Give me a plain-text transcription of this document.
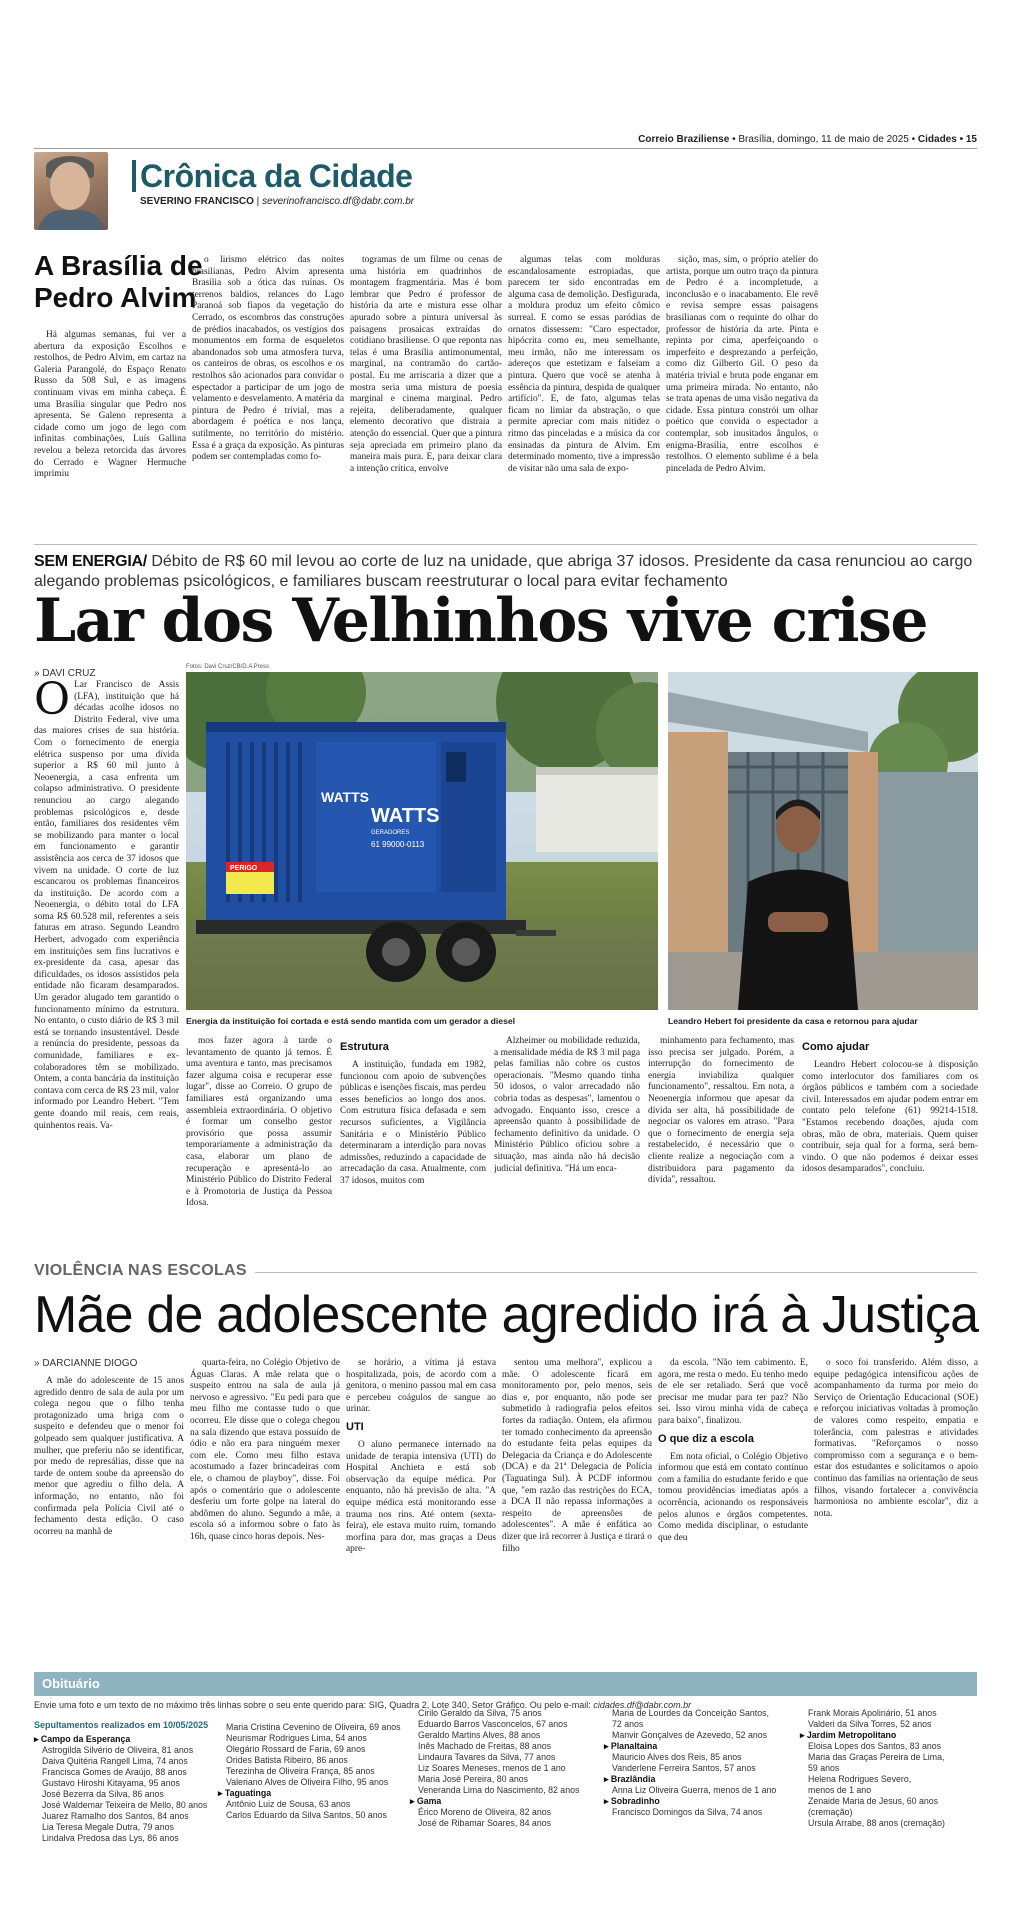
Correio Braziliense • Brasília, domingo, 11 de maio de 2025 • Cidades • 15
Crônica da Cidade
SEVERINO FRANCISCO | severinofrancisco.df@dabr.com.br
A Brasília de Pedro Alvim

Há algumas semanas, fui ver a abertura da exposição Escolhos e restolhos, de Pedro Alvim, em cartaz na Galeria Parangolé, do Espaço Renato Russo da 508 Sul, e as imagens continuam vivas em minha cabeça. É uma Brasília singular que Pedro nos apresenta. Se Galeno representa a cidade como um jogo de lego com infinitas combinações, Luís Gallina revelou a beleza retorcida das árvores do Cerrado e Wagner Hermuche imprimiu

o lirismo elétrico das noites brasilianas, Pedro Alvim apresenta Brasília sob a ótica das ruínas. Os terrenos baldios, relances do Lago Paranoá sob fiapos da vegetação do Cerrado, os escombros das construções de prédios inacabados, os vestígios dos monumentos em forma de esqueletos abandonados sob uma atmosfera turva, os canteiros de obras, os escolhos e os restolhos são acionados para convidar o espectador a participar de um jogo de velamento e desvelamento. A matéria da pintura de Pedro é trivial, mas a abordagem é poética e nos lança, sutilmente, no território do mistério. Essa é a graça da exposição. As pinturas podem ser contempladas como fo-

togramas de um filme ou cenas de uma história em quadrinhos de montagem fragmentária. Mas é bom lembrar que Pedro é professor de história da arte e mistura esse olhar apurado sobre a pintura universal às paisagens prosaicas extraídas do cotidiano brasiliense. O que reponta nas telas é uma Brasília antimonumental, marginal, na contramão do cartão-postal. Eu me arriscaria a dizer que a mostra seria uma mistura de poesia marginal e cinema marginal. Pedro rejeita, deliberadamente, qualquer elemento decorativo que distraia a atenção do essencial. Quer que a pintura seja apreciada em primeiro plano da maneira mais pura. E, para deixar clara a intenção crítica, envolve

algumas telas com molduras escandalosamente estropiadas, que parecem ter sido encontradas em alguma casa de demolição. Desfigurada, a moldura produz um efeito cômico surreal. E como se essas paródias de ornatos dissessem: "Caro espectador, hipócrita como eu, meu semelhante, meu irmão, não me interessam os adereços que estetizam e falseiam a pintura. Quero que você se atenha à essência da pintura, despida de qualquer artifício". E, de fato, algumas telas ficam no limiar da abstração, o que permite apreciar com mais nitidez o ritmo das pinceladas e a música da cor ensinadas da pintura de Alvim. Em determinado momento, tive a impressão de visitar não uma sala de expo-

sição, mas, sim, o próprio atelier do artista, porque um outro traço da pintura de Pedro é a incompletude, a inconclusão e o inacabamento. Ele revê e revisa sempre essas paisagens brasilianas com o requinte do olhar do professor de história da arte. Pinta e repinta por cima, aperfeiçoando o imperfeito e desprezando a perfeição, como diz Gilberto Gil. O peso da matéria trivial e bruta pode enganar em uma primeira mirada. No entanto, não se trata apenas de uma visão negativa da cidade. Essa pintura constrói um olhar poético que convida o espectador a contemplar, sob inusitados ângulos, o enigma-Brasília, entre escolhos e restolhos. O elemento sublime é a bela pincelada de Pedro Alvim.

SEM ENERGIA/ Débito de R$ 60 mil levou ao corte de luz na unidade, que abriga 37 idosos. Presidente da casa renunciou ao cargo alegando problemas psicológicos, e familiares buscam reestruturar o local para evitar fechamento
Lar dos Velhinhos vive crise
» DAVI CRUZ
Fotos: Davi Cruz/CB/D.A Press
WATTS
WATTS
GERADORES
61 99000-0113
PERIGO
Energia da instituição foi cortada e está sendo mantida com um gerador a diesel	Leandro Hebert foi presidente da casa e retornou para ajudar
O Lar Francisco de Assis (LFA), instituição que há décadas acolhe idosos no Distrito Federal, vive uma das maiores crises de sua história. Com o fornecimento de energia elétrica suspenso por uma dívida superior a R$ 60 mil junto à Neoenergia, a casa enfrenta um colapso administrativo. O presidente renunciou ao cargo alegando problemas psicológicos e, desde então, familiares dos residentes vêm se mobilizando para manter o local em funcionamento e garantir assistência aos cerca de 37 idosos que vivem na unidade. O corte de luz escancarou os problemas financeiros da instituição. De acordo com a Neoenergia, o débito total do LFA soma R$ 60.528 mil, referentes a seis faturas em atraso. Segundo Leandro Herbert, advogado com experiência em instituições sem fins lucrativos e ex-presidente da casa, apesar das dificuldades, os idosos assistidos pela entidade não ficaram desamparados. Um gerador alugado tem garantido o funcionamento mínimo da estrutura. No entanto, o custo diário de R$ 3 mil está se tornando insustentável. Desde a renúncia do presidente, pessoas da comunidade, familiares e ex-colaboradores têm se mobilizado. Ontem, a conta bancária da instituição contava com cerca de R$ 23 mil, valor informado por Leandro Hebert. "Tem gente doando mil reais, cem reais, quinhentos reais. Va-

mos fazer agora à tarde o levantamento de quanto já temos. É uma aventura e tanto, mas precisamos fazer alguma coisa e recuperar esse lugar", disse ao Correio. O grupo de familiares está organizando uma assembleia extraordinária. O objetivo é formar um conselho gestor provisório que possa assumir temporariamente a administração da casa, elaborar um plano de recuperação e apresentá-lo ao Ministério Público do Distrito Federal e à Promotoria de Justiça da Pessoa Idosa.

Estrutura

A instituição, fundada em 1982, funcionou com apoio de subvenções públicas e isenções fiscais, mas perdeu esses benefícios ao longo dos anos. Com estrutura física defasada e sem recursos suficientes, a Vigilância Sanitária e o Ministério Público determinaram a interdição para novas admissões, reduzindo a capacidade de arrecadação da casa. Atualmente, com 37 idosos, muitos com

Alzheimer ou mobilidade reduzida, a mensalidade média de R$ 3 mil paga pelas famílias não cobre os custos operacionais. "Mesmo quando tinha 50 idosos, o valor arrecadado não cobria todas as despesas", lamentou o advogado. Enquanto isso, cresce a apreensão quanto à possibilidade de fechamento definitivo da unidade. O Ministério Público oficiou sobre a situação, mas ainda não há decisão judicial definitiva. "Há um enca-

minhamento para fechamento, mas isso precisa ser julgado. Porém, a interrupção do fornecimento de energia inviabiliza qualquer funcionamento", ressaltou. Em nota, a Neoenergia informou que apesar da dívida ser alta, há possibilidade de negociar os valores em atraso. "Para que o fornecimento de energia seja restabelecido, é necessário que o cliente realize a negociação com a distribuidora para pagamento da dívida", ressaltou.

Como ajudar

Leandro Hebert colocou-se à disposição como interlocutor dos familiares com os órgãos públicos e também com a sociedade civil. Interessados em ajudar podem entrar em contato pelo telefone (61) 99214-1518. "Estamos recebendo doações, ajuda com obras, mão de obra, materiais. Quem quiser contribuir, seja qual for a forma, será bem-vindo. O que não podemos é deixar esses idosos desamparados", concluiu.

VIOLÊNCIA NAS ESCOLAS
Mãe de adolescente agredido irá à Justiça
» DARCIANNE DIOGO

A mãe do adolescente de 15 anos agredido dentro de sala de aula por um colega negou que o filho tenha protagonizado uma briga com o suspeito e defendeu que o menor foi golpeado sem qualquer justificativa. A mulher, que preferiu não se identificar, por medo de represálias, disse que na tarde de ontem soube da apreensão do menor que agrediu o filho dela. A informação, no entanto, não foi confirmada pela Polícia Civil até o fechamento desta edição. O caso ocorreu na manhã de

quarta-feira, no Colégio Objetivo de Águas Claras. A mãe relata que o suspeito entrou na sala de aula já nervoso e agressivo. "Eu pedi para que meu filho me contasse tudo o que ocorreu. Ele disse que o colega chegou na sala dizendo que estava possuído de ódio e não era para ninguém mexer com ele. Como meu filho estava acostumado a fazer brincadeiras com ele, o chamou de playboy", disse. Foi após o comentário que o adolescente desferiu um forte golpe na lateral do abdômen do aluno. Segundo a mãe, a escola só a informou sobre o fato às 16h, quase cinco horas depois. Nes-

se horário, a vítima já estava hospitalizada, pois, de acordo com a genitora, o menino passou mal em casa e percebeu coágulos de sangue ao urinar.

UTI

O aluno permanece internado na unidade de terapia intensiva (UTI) do Hospital Anchieta e está sob observação da equipe médica. Por enquanto, não há previsão de alta. "A equipe médica está monitorando esse trauma nos rins. Até ontem (sexta-feira), ele estava muito ruim, tomando morfina para dor, mas graças a Deus apre-

sentou uma melhora", explicou a mãe. O adolescente ficará em monitoramento por, pelo menos, seis dias e, por enquanto, não pode ser submetido à radiografia pelos efeitos fortes da radiação. Ontem, ela afirmou ter tomado conhecimento da apreensão do estudante feita pelas equipes da Delegacia da Criança e do Adolescente (DCA) e da 21ª Delegacia de Polícia (Taguatinga Sul). À PCDF informou que, "em razão das restrições do ECA, a DCA II não repassa informações a respeito de apreensões de adolescentes". A mãe é enfática ao dizer que irá recorrer à Justiça e tirará o filho

da escola. "Não tem cabimento. E, agora, me resta o medo. Eu tenho medo de ele ser retaliado. Será que você precisar me mudar para ter paz? Não sei. Isso virou minha vida de cabeça para baixo", finalizou.

O que diz a escola

Em nota oficial, o Colégio Objetivo informou que está em contato contínuo com a família do estudante ferido e que tomou providências imediatas após a ocorrência, acionando os responsáveis pelos alunos e órgãos competentes. Como medida disciplinar, o estudante que deu

o soco foi transferido. Além disso, a equipe pedagógica intensificou ações de acompanhamento da turma por meio do Serviço de Orientação Educacional (SOE) e reforçou iniciativas voltadas à promoção de valores como respeito, empatia e tolerância, com palestras e atividades formativas. "Reforçamos o nosso compromisso com a segurança e o bem-estar dos estudantes e solicitamos o apoio contínuo das famílias na orientação de seus filhos, visando fortalecer a convivência harmoniosa no ambiente escolar", diz a nota.

Obituário
Envie uma foto e um texto de no máximo três linhas sobre o seu ente querido para: SIG, Quadra 2, Lote 340, Setor Gráfico. Ou pelo e-mail: cidades.df@dabr.com.br
Sepultamentos realizados em 10/05/2025
▸ Campo da Esperança
Astrogilda Silvério de Oliveira, 81 anos
Daiva Quitéria Rangell Lima, 74 anos
Francisca Gomes de Araújo, 88 anos
Gustavo Hiroshi Kitayama, 95 anos
José Bezerra da Silva, 86 anos
José Waldemar Teixeira de Mello, 80 anos
Juarez Ramalho dos Santos, 84 anos
Lia Teresa Megale Dutra, 79 anos
Lindalva Predosa das Lys, 86 anos
Maria Cristina Cevenino de Oliveira, 69 anos
Neurismar Rodrigues Lima, 54 anos
Olegário Rossard de Faria, 69 anos
Orides Batista Ribeiro, 86 anos
Terezinha de Oliveira França, 85 anos
Valeriano Alves de Oliveira Filho, 95 anos
▸ Taguatinga
Antônio Luiz de Sousa, 63 anos
Carlos Eduardo da Silva Santos, 50 anos
Cirilo Geraldo da Silva, 75 anos
Eduardo Barros Vasconcelos, 67 anos
Geraldo Martins Alves, 88 anos
Inês Machado de Freitas, 88 anos
Lindaura Tavares da Silva, 77 anos
Liz Soares Meneses, menos de 1 ano
Maria José Pereira, 80 anos
Veneranda Lima do Nascimento, 82 anos
▸ Gama
Érico Moreno de Oliveira, 82 anos
José de Ribamar Soares, 84 anos
Maria de Lourdes da Conceição Santos,
72 anos
Manvir Gonçalves de Azevedo, 52 anos
▸ Planaltaina
Mauricio Alves dos Reis, 85 anos
Vanderlene Ferreira Santos, 57 anos
▸ Brazlândia
Anna Liz Oliveira Guerra, menos de 1 ano
▸ Sobradinho
Francisco Domingos da Silva, 74 anos
Frank Morais Apolinário, 51 anos
Valderi da Silva Torres, 52 anos
▸ Jardim Metropolitano
Eloisa Lopes dos Santos, 83 anos
Maria das Graças Pereira de Lima,
59 anos
Helena Rodrigues Severo,
menos de 1 ano
Zenaide Maria de Jesus, 60 anos
(cremação)
Ursula Arrabe, 88 anos (cremação)
